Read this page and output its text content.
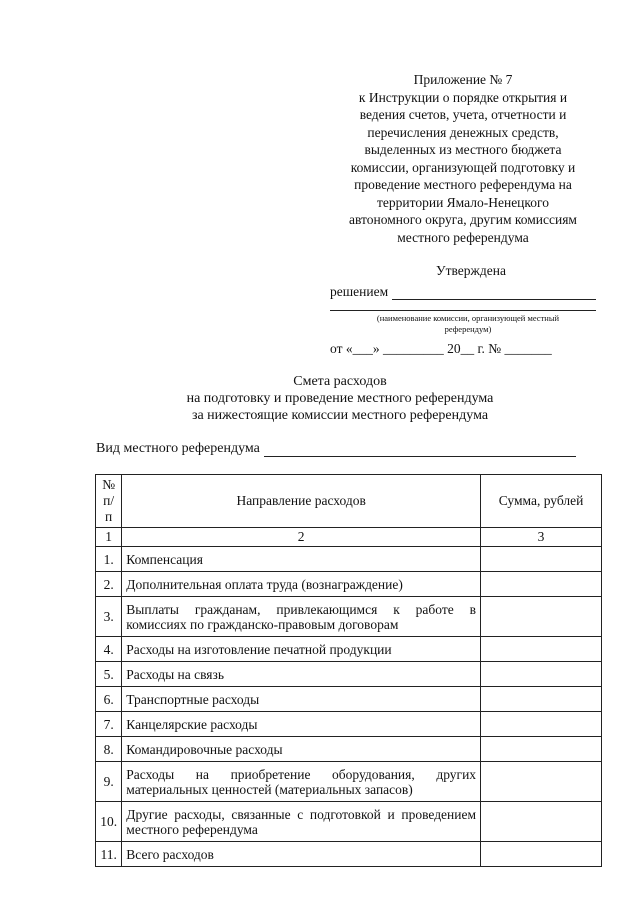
Приложение № 7
к Инструкции о порядке открытия и
ведения счетов, учета, отчетности и
перечисления денежных средств,
выделенных из местного бюджета
комиссии, организующей подготовку и
проведение местного референдума на
территории Ямало-Ненецкого
автономного округа, другим комиссиям
местного референдума
Утверждена
решением
(наименование комиссии, организующей местный
референдум)
от «___» _________ 20__ г. № _______
Смета расходов
на подготовку и проведение местного референдума
за нижестоящие комиссии местного референдума
Вид местного референдума
№
п/п	Направление расходов	Сумма, рублей
1	2	3
1.	Компенсация	
2.	Дополнительная оплата труда (вознаграждение)	
3.	Выплаты гражданам, привлекающимся к работе в комиссиях по гражданско-правовым договорам	
4.	Расходы на изготовление печатной продукции	
5.	Расходы на связь	
6.	Транспортные расходы	
7.	Канцелярские расходы	
8.	Командировочные расходы	
9.	Расходы на приобретение оборудования, других материальных ценностей (материальных запасов)	
10.	Другие расходы, связанные с подготовкой и проведением местного референдума	
11.	Всего расходов	
